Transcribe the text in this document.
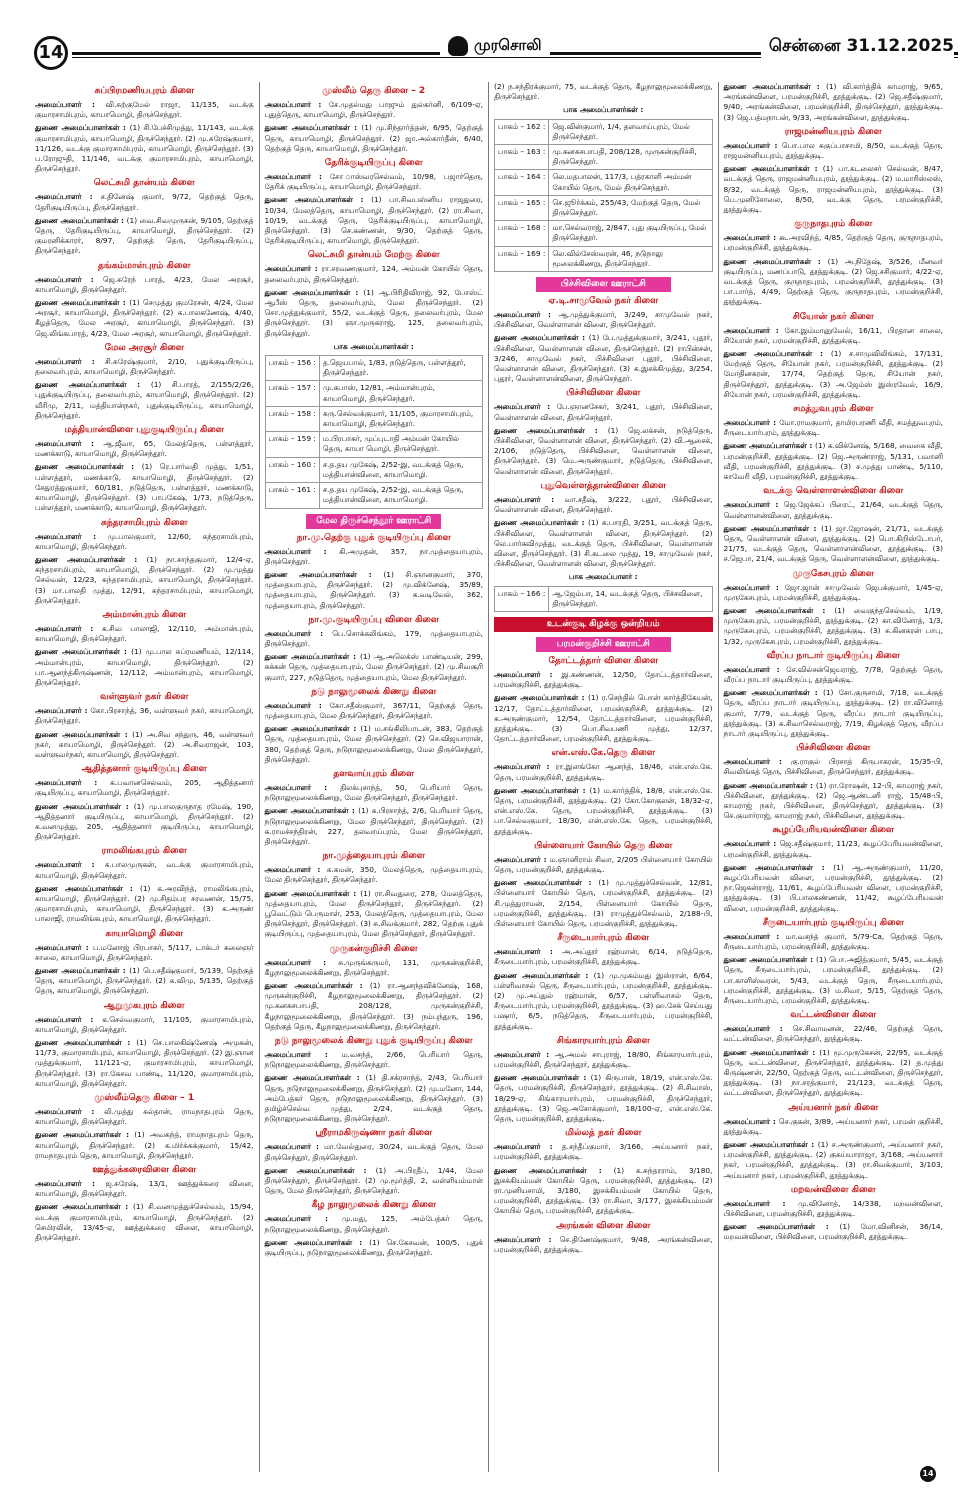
14	முரசொலி	சென்னை 31.12.2025
சுப்பிரமணியபுரம் கிளை

அமைப்பாளர் : வி.சுற்குமேல் ராஜா, 11/135, வடக்கு குமாரசாமிபுரம், காயாமொழி, திருச்செந்தூர்.

துணை அமைப்பாளர்கள் : (1) சி.பேச்சிமுத்து, 11/143, வடக்கு குமாரசாமிபுரம், காயாமொழி, திருச்செந்தூர். (2) மு.சுரேஷ்குமார், 11/126, வடக்கு குமாரசாமிபுரம், காயாமொழி, திருச்செந்தூர். (3) ப.ரோஜுதி, 11/146, வடக்கு குமாரசாமிபுரம், காயாமொழி, திருச்செந்தூர்.

லெட்சுமி தான்யம் கிளை

அமைப்பாளர் : ச.தினேஷ் குமார், 9/72, தெற்குத் தெரு, தேரிகுடியிருப்பு, திருச்செந்தூர்.

துணை அமைப்பாளர்கள் : (1) வை.சிவமுருகன், 9/105, தெற்குத் தெரு, தேரிகுடியிருப்பு, காயாமொழி, திருச்செந்தூர். (2) குமரனிக்காரர், 8/97, தெற்குத் தெரு, தேரிகுடியிருப்பு, திருச்செந்தூர்.

தங்கம்மாள்புரம் கிளை

அமைப்பாளர் : ஜெ.சுரேந் பாரத், 4/23, மேல அரசூர், காயாமொழி, திருச்செந்தூர்.

துணை அமைப்பாளர்கள் : (1) செமுத்து குமரேசன், 4/24, மேல அரசூர், காயாமொழி, திருச்செந்தூர். (2) க.பாலகணேஷ், 4/40, கீழத்தெரு, மேல அரசூர், காயாமொழி, திருச்செந்தூர். (3) ஜெ.லிங்கபாரத், 4/23, மேல அரசூர், காயாமொழி, திருச்செந்தூர்.

மேல அரசூர் கிளை

அமைப்பாளர் : சி.சுரேஷ்குமார், 2/10, புதுக்குடியிருப்பு, தலைவர்புரம், காயாமொழி, திருச்செந்தூர்.

துணை அமைப்பாளர்கள் : (1) சி.பாரத், 2/155/2/26, புதுக்குடியிருப்பு, தலைவர்புரம், காயாமொழி, திருச்செந்தூர். (2) வீரிமு, 2/11, மத்தியான்நகர், புதுக்குடியிருப்பு, காயாமொழி, திருச்செந்தூர்.

மத்தியான்விளை புதுகுடியிருப்பு கிளை

அமைப்பாளர் : ஆ.ஜீவா, 65, மேலத்தெரு, பள்ளத்தூர், மணக்காடு, காயாமொழி, திருச்செந்தூர்.

துணை அமைப்பாளர்கள் : (1) ரெ.பார்வதி முத்து, 1/51, பள்ளத்தூர், மணக்காடு, காயாமொழி, திருச்செந்தூர். (2) சேதுரத்துகுமார், 60/181, நடுத்தெரு, பள்ளத்தூர், மணக்காடு, காயாமொழி, திருச்செந்தூர். (3) பாபகேஷ், 1/73, நடுத்தெரு, பள்ளத்தூர், மணக்காடு, காயாமொழி, திருச்செந்தூர்.

சுந்தரசாமிபுரம் கிளை

அமைப்பாளர் : மு.பாலகுமார், 12/60, சுந்தரசாமிபுரம், காயாமொழி, திருச்செந்தூர்.

துணை அமைப்பாளர்கள் : (1) நா.சாந்தகுமார், 12/4-ஏ, சுந்தரசாமிபுரம், காயாமொழி, திருச்செந்தூர். (2) மு.முத்து செல்வன், 12/23, சுந்தரசாமிபுரம், காயாமொழி, திருச்செந்தூர். (3) மா.பாலதி முத்து, 12/91, சுந்தரசாமிபுரம், காயாமொழி, திருச்செந்தூர்.

அம்மான்புரம் கிளை

அமைப்பாளர் : க.சிவ பாலாஜி, 12/110, அம்மான்புரம், காயாமொழி, திருச்செந்தூர்.

துணை அமைப்பாளர்கள் : (1) மு.பால சுப்ரமணியம், 12/114, அம்மான்புரம், காயாமொழி, திருச்செந்தூர். (2) பா.ஆனந்த்கிருஷ்ணன், 12/112, அம்மான்புரம், காயாமொழி, திருச்செந்தூர்.

வள்ளுவர் நகர் கிளை

அமைப்பாளர் : கோ.பிரசாந்த், 36, வள்ளுவர் நகர், காயாமொழி, திருச்செந்தூர்.

துணை அமைப்பாளர்கள் : (1) அ.சிவ சந்துரு, 46, வள்ளுவர் நகர், காயாமொழி, திருச்செந்தூர். (2) அ.சிவராஜன், 103, வள்ளுவர்நகர், காயாமொழி, திருச்செந்தூர்.

ஆதித்தனார் குடியிருப்பு கிளை

அமைப்பாளர் : க.பவானசெல்வம், 205, ஆதித்தனார் குடியிருப்பு, காயாமொழி, திருச்செந்தூர்.

துணை அமைப்பாளர்கள் : (1) மு.பாலகுருநாத ரமேஷ், 190, ஆதித்தனார் குடியிருப்பு, காயாமொழி, திருச்செந்தூர். (2) க.வனமுத்து, 205, ஆதித்தனார் குடியிருப்பு, காயாமொழி, திருச்செந்தூர்.

ராமலிங்கபுரம் கிளை

அமைப்பாளர் : க.பாலமுருகன், வடக்கு குமாரசாமிபுரம், காயாமொழி, திருச்செந்தூர்.

துணை அமைப்பாளர்கள் : (1) க.அரவிந்த், ராமலிங்கபுரம், காயாமொழி, திருச்செந்தூர். (2) மு.சிதம்பர சரவணன், 15/75, குமாரசாமிபுரம், காயாமொழி, திருச்செந்தூர். (3) க.அருண் பாலாஜி, ராமலிங்கபுரம், காயாமொழி, திருச்செந்தூர்.

காயாமொழி கிளை

அமைப்பாளர் : ப.மனோஜ் பிரபாகர், 5/117, டாக்டர் கலைஞர் சாலை, காயாமொழி, திருச்செந்தூர்.

துணை அமைப்பாளர்கள் : (1) பெ.சதீஷ்குமார், 5/139, தெற்குத் தெரு, காயாமொழி, திருச்செந்தூர். (2) க.விமு, 5/135, தெற்குத் தெரு, காயாமொழி, திருச்செந்தூர்.

ஆறுமுகபுரம் கிளை

அமைப்பாளர் : க.செல்வகுமார், 11/105, குமாரசாமிபுரம், காயாமொழி, திருச்செந்தூர்.

துணை அமைப்பாளர்கள் : (1) செ.பாலகிஷ்ணேஷ் அமுகன், 11/73, குமாரசாமிபுரம், காயாமொழி, திருச்செந்தூர். (2) இ.ஞான முத்துக்குமார், 11/121-ஏ, குமாரசாமிபுரம், காயாமொழி, திருச்செந்தூர். (3) ரா.கேசவ பாண்டி, 11/120, குமாரசாமிபுரம், காயாமொழி, திருச்செந்தூர்.

முஸ்லீம்தெரு கிளை – 1

அமைப்பாளர் : லி.முத்து சுல்தான், ராமநாதபுரம் தெரு, காயாமொழி, திருச்செந்தூர்.

துணை அமைப்பாளர்கள் : (1) அவகந்த், ராமநாதபுரம் தெரு, காயாமொழி, திருச்செந்தூர். (2) க.மிர்க்கக்குமார், 15/42, ராமநாதபுரம் தெரு, காயாமொழி, திருச்செந்தூர்.

ஊத்துக்கரைவிளை கிளை

அமைப்பாளர் : ஜ.சுரேஷ், 13/1, ஊத்துக்கரை விளை, காயாமொழி, திருச்செந்தூர்.

துணை அமைப்பாளர்கள் : (1) சி.வனமுத்துச்செல்வம், 15/94, வடக்கு குமாரசாமிபுரம், காயாமொழி, திருச்செந்தூர். (2) செமிரலின், 13/45-ஏ, ஊத்துக்கரை விளை, காயாமொழி, திருச்செந்தூர்.

முஸ்லீம் தெரு கிளை – 2

அமைப்பாளர் : சே.முதல்மது பாஜும் துல்கர்னி, 6/109-ஏ, புதுத்தெரு, காயாமொழி, திருச்செந்தூர்.

துணை அமைப்பாளர்கள் : (1) மு.சிந்தார்த்தன், 6/95, தெற்குத் தெரு, காயாமொழி, திருச்செந்தூர். (2) ஜா.அல்கார்தீன், 6/40, தெற்குத் தெரு, காயாமொழி, திருச்செந்தூர்.

தேரிக்குடியிருப்பு கிளை

அமைப்பாளர் : சோ.ாஸ்வரசெல்வம், 10/98, பஜார்தெரு, தேரிக் குடியிருப்பு, காயாமொழி, திருச்செந்தூர்.

துணை அமைப்பாளர்கள் : (1) பா.சிவபஸ்னிய ராஜதுரை, 10/34, மேலத்தெரு, காயாமொழி, திருச்செந்தூர். (2) ரா.சிவா, 10/19, வடக்குத் தெரு, தேரிக்குடியிருப்பு, காயாமொழி, திருச்செந்தூர். (3) செ.கண்ணன், 9/30, தெற்குத் தெரு, தேரிக்குடியிருப்பு, காயாமொழி, திருச்செந்தூர்.

லெட்சுமி தான்யம் மேற்கு கிளை

அமைப்பாளர் : ரா.சரவணகுமார், 124, அம்மன் கோயில் தெரு, தலைவர்புரம், திருச்செந்தூர்.

துணை அமைப்பாளர்கள் : (1) ஆ.பிரிதிவிராஜ், 92, போஸ்ட் ஆபீஸ் தெரு, தலைவர்புரம், மேல திருச்செந்தூர். (2) சொ.முத்துக்குமார், 55/2, வடக்குத் தெரு, தலைவர்புரம், மேல திருச்செந்தூர். (3) ஞா.முருகராஜ், 125, தலைவர்புரம், திருச்செந்தூர்.

பாக அமைப்பாளர்கள் :
பாகம் – 156 :	த.ஜெயபால், 1/83, நடுத்தெரு, பள்ளத்தூர், திருச்செந்தூர்.
பாகம் – 157 :	மு.கபாஸ், 12/81, அம்மான்புரம், காயாமொழி, திருச்செந்தூர்.
பாகம் – 158 :	கரு.செல்வக்குமார், 11/105, குமாரசாமிபுரம், காயாமொழி, திருச்செந்தூர்.
பாகம் – 159 :	ம.பிரபாகர், முப்புடாதி அம்மன் கோயில் தெரு, காயா மொழி, திருச்செந்தூர்.
பாகம் – 160 :	ச.த.தய முகேஷ், 2/52-இ, வடக்குத் தெரு, மத்தியான்விளை, காயாமொழி.
பாகம் – 161 :	ச.த.தய முகேஷ், 2/52-இ, வடக்குத் தெரு, மத்தியான்விளை, காயாமொழி.
மேல திருச்செந்தூர் ஊராட்சி
நா.மு.தெற்கு புதுக் குடியிருப்பு கிளை

அமைப்பாளர் : கி.அமுதன், 357, நா.முத்தையாபுரம், திருச்செந்தூர்.

துணை அமைப்பாளர்கள் : (1) சி.ஞானகுமார், 370, முத்தையாபுரம், திருச்செந்தூர். (2) மு.விக்னேஷ், 35/89, முத்தையாபுரம், திருச்செந்தூர். (3) க.வடிவேல், 362, முத்தையாபுரம், திருச்செந்தூர்.

நா.மு.குடியிருப்பு விளை கிளை

அமைப்பாளர் : பெ.சொக்கலிங்கம், 179, முத்தையாபுரம், திருச்செந்தூர்.

துணை அமைப்பாளர்கள் : (1) ஆ.அலெக்ஸ் பாண்டியன், 299, சுக்கன் தெரு, முத்தையாபுரம், மேல திருச்செந்தூர். (2) மு.சிவசூரி குமார், 227, நடுத்தெரு, முத்தையாபுரம், மேல திருச்செந்தூர்.

நடு நாலுமூலைக் கிணறு கிளை

அமைப்பாளர் : கோ.சதீஸ்குமார், 367/11, தெற்குத் தெரு, முத்தையாபுரம், மேல திருச்செந்தூர், திருச்செந்தூர்.

துணை அமைப்பாளர்கள் : (1) ம.சங்கிலிபாடன், 383, தெற்குத் தெரு, முத்தையாபுரம், மேல திருச்செந்தூர். (2) செ.விஜயாரான், 380, தெற்குத் தெரு, நடுநாலுமூலைக்கிணறு, மேல திருச்செந்தூர், திருச்செந்தூர்.

தளவாய்புரம் கிளை

அமைப்பாளர் : திலக்புசாந்த், 50, பெரியார் தெரு, நடுநாலுமூலைக்கிணறு, மேல திருச்செந்தூர், திருச்செந்தூர்.

துணை அமைப்பாளர்கள் : (1) க.பிரசாந்த், 2/6, பெரியார் தெரு, நடுநாலுமூலைக்கிணறு, மேல திருச்செந்தூர், திருச்செந்தூர். (2) க.ராமச்சந்திரன், 227, தலவாய்புரம், மேல திருச்செந்தூர், திருச்செந்தூர்.

நா.முத்தையாபுரம் கிளை

அமைப்பாளர் : க.கமன், 350, மேலத்தெரு, முத்தையாபுரம், மேல திருச்செந்தூர், திருச்செந்தூர்.

துணை அமைப்பாளர்கள் : (1) ரா.சிவதுரை, 278, மேலத்தெரு, முத்தையாபுரம், மேல திருச்செந்தூர், திருச்செந்தூர். (2) பூவெட்டும் பெருமாள், 253, மேலத்தெரு, முத்தையாபுரம், மேல திருச்செந்தூர், திருச்செந்தூர். (3) சு.சிவக்குமார், 282, தெற்கு புதுக் குடியிருப்பு, முத்தையாபுரம், மேல திருச்செந்தூர், திருச்செந்தூர்.

முருகன்குறிச்சி கிளை

அமைப்பாளர் : சு.முருங்கருமர், 131, முருகன்குறிச்சி, கீழநாலுமூலைக்கிணறு, திருச்செந்தூர்.

துணை அமைப்பாளர்கள் : (1) ரா.ஆனந்தவிக்னேஷ், 168, முருகன்குறிச்சி, கீழநாலுமூலைக்கிணறு, திருச்செந்தூர். (2) மு.கனகசபாபதி, 208/128, முருகன்குறிச்சி, கீழநாலுமூலைக்கிணறு, திருச்செந்தூர். (3) நம்புந்துரு, 196, தெற்குத் தெரு, கீழநாலுமூலைக்கிணறு, திருச்செந்தூர்.

நடு நாலுமூலைக் கிணறு புதுக் குடியிருப்பு கிளை

அமைப்பாளர் : ம.வசந்த், 2/66, பெரியார் தெரு, நடுநாலுமூலைக்கிணறு, திருச்செந்தூர்.

துணை அமைப்பாளர்கள் : (1) தி.சக்ரசாந்த், 2/43, பெரியார் தெரு, நடுநாலுமூலைக்கிணறு, திருச்செந்தூர். (2) மு.மனோ, 144, அம்பேத்கர் தெரு, நடுநாலுமூலைக்கிணறு, திருச்செந்தூர். (3) தமிழ்ச்செல்வ முத்து, 2/24, வடக்குத் தெரு, நடுநாலுமூலைக்கிணறு, திருச்செந்தூர்.

ஸ்ரீராமகிருஷ்ணா நகர் கிளை

அமைப்பாளர் : மா.வேல்துரை, 30/24, வடக்குத் தெரு, மேல திருச்செந்தூர், திருச்செந்தூர்.

துணை அமைப்பாளர்கள் : (1) அ.பிரதீப், 1/44, மேல திருச்செந்தூர், திருச்செந்தூர். (2) மு.மூர்த்தி, 2, வள்ளியம்மாள் தெரு, மேல திருச்செந்தூர், திருச்செந்தூர்.

கீழ நாலுமூலைக் கிணறு கிளை

அமைப்பாளர் : மு.மது, 125, அம்பேத்கர் தெரு, நடுநாலுமூலைக்கிணறு, திருச்செந்தூர்.

துணை அமைப்பாளர்கள் : (1) செ.கேசவன், 100/5, புதுக் குடியிருப்பு, நடுநாலுமூலைக்கிணறு, திருச்செந்தூர்.

(2) ந.சந்திரக்குமார், 75, வடக்குத் தெரு, கீழநாலுமூலைக்கிணறு, திருச்செந்தூர்.

பாக அமைப்பாளர்கள் :
பாகம் – 162 :	ஜெ.வின்குமார், 1/4, தளவாய்புரம், மேல் திருச்செந்தூர்.
பாகம் – 163 :	மு.கனகசபாபதி, 208/128, முருகன்குறிச்சி, திருச்செந்தூர்.
பாகம் – 164 :	லெ.மதபாலன், 117/3, பத்ரகாளி அம்மன் கோயில் தெரு, மேல் திருச்செந்தூர்.
பாகம் – 165 :	செ.ஜூர்க்கம், 255/43, மேற்குத் தெரு, மேல் திருச்செந்தூர்.
பாகம் – 168 :	மா.செல்வராஜ், 2/847, புது குடியிருப்பு, மேல் திருச்செந்தூர்.
பாகம் – 169 :	லெ.வில்சேஸ்வரன், 46, நடுநாலு மூலைக்கிணறு, திருச்செந்தூர்.
பிச்சிவிளை ஊராட்சி
ஏ.டி.சாமுவேல் நகர் கிளை

அமைப்பாளர் : ஆ.முத்துக்குமார், 3/249, சாமுவேல் நகர், பிச்சிவிளை, வெள்ளாளன் விளை, திருச்செந்தூர்.

துணை அமைப்பாளர்கள் : (1) பே.முத்துக்குமார், 3/241, புதூர், பிச்சிவிளை, வெள்ளாளன் விளை, திருச்செந்தூர். (2) ராபின்சன், 3/246, சாமுவேல் நகர், பிச்சிவிளை புதூர், பிச்சிவிளை, வெள்ளாளன் விளை, திருச்செந்தூர். (3) சு.இசக்கிமுத்து, 3/254, புதூர், வெள்ளாளன்விளை, திருச்செந்தூர்.

பிச்சிவிளை கிளை

அமைப்பாளர் : பே.ஞானசேகர், 3/241, புதூர், பிச்சிவிளை, வெள்ளாளன் விளை, திருச்செந்தூர்.

துணை அமைப்பாளர்கள் : (1) ஜெ.லக்சன், நடுத்தெரு, பிச்சிவிளை, வெள்ளாளன் விளை, திருச்செந்தூர். (2) வி.ஆசைக், 2/106, நடுத்தெரு, பிச்சிவிளை, வெள்ளாளன் விளை, திருச்செந்தூர். (3) மெ.அருண்குமார், நடுத்தெரு, பிச்சிவிளை, வெள்ளாளன் விளை, திருச்செந்தூர்.

புதுவெள்ளத்தான்விளை கிளை

அமைப்பாளர் : வா.சதீஷ், 3/222, புதூர், பிச்சிவிளை, வெள்ளாளன் விளை, திருச்செந்தூர்.

துணை அமைப்பாளர்கள் : (1) க.பாரதி, 3/251, வடக்குத் தெரு, பிச்சிவிளை, வெள்ளாளன் விளை, திருச்செந்தூர். (2) லெ.பார்கவிமுத்து, வடக்குத் தெரு, பிச்சிவிளை, வெள்ளாளன் விளை, திருச்செந்தூர். (3) சி.கடலை முத்து, 19, சாமுவேல் நகர், பிச்சிவிளை, வெள்ளாளன் விளை, திருச்செந்தூர்.

பாக அமைப்பாளர் :
பாகம் – 166 :	ஆ.ஜேம்பா, 14, வடக்குத் தெரு, பிச்சவிளை, திருச்செந்தூர்.
உடன்குடி கிழக்கு ஒன்றியம்
பரமன்குறிச்சி ஊராட்சி
தோட்டத்தார் விளை கிளை

அமைப்பாளர் : இ.கண்ணன், 12/50, தோட்டத்தார்விளை, பரமன்குறிச்சி, தூத்துக்குடி.

துணை அமைப்பாளர்கள் : (1) ர.செந்தில் பொன் கார்த்திகேயன், 12/17, தோட்டத்தார்விளை, பரமன்குறிச்சி, தூத்துக்குடி. (2) க.அருண்குமார், 12/54, தோட்டத்தார்விளை, பரமன்குறிச்சி, தூத்துக்குடி. (3) பொ.சிவபணி முத்து, 12/37, தோட்டத்தார்விளை, பரமன்குறிச்சி, தூத்துக்குடி.

என்.எஸ்.கே.தெரு கிளை

அமைப்பாளர் : ரா.இளங்கோ ஆனந்த், 18/46, என்.எஸ்.கே. தெரு, பரமன்குறிச்சி, தூத்துக்குடி.

துணை அமைப்பாளர்கள் : (1) ம.கார்த்திக், 18/8, என்.எஸ்.கே. தெரு, பரமன்குறிச்சி, தூத்துக்குடி. (2) கோ.கோகுலன், 18/32-ஏ, என்.எஸ்.கே. தெரு, பரமன்குறிச்சி, தூத்துக்குடி. (3) பா.செல்வகுமார், 18/30, என்.எஸ்.கே. தெரு, பரமன்குறிச்சி, தூத்துக்குடி.

பிள்ளையார் கோயில் தெரு கிளை

அமைப்பாளர் : ம.ஞானிராம் சிவா, 2/205 பிள்ளையார் கோயில் தெரு, பரமன்குறிச்சி, தூத்துக்குடி.

துணை அமைப்பாளர்கள் : (1) மு.முத்துச்செல்வன், 12/81, பிள்ளையார் கோயில் தெரு, பரமன்குறிச்சி, தூத்துக்குடி. (2) சி.முத்துராமன், 2/154, பிள்ளையார் கோயில் தெரு, பரமன்குறிச்சி, தூத்துக்குடி. (3) ராமுத்துச்செல்வம், 2/188-பி, பிள்ளையார் கோயில் தெரு, பரமன்குறிச்சி, தூத்துக்குடி.

சீருடையார்புரம் கிளை

அமைப்பாளர் : அ.அப்தூர் ரஹ்மான், 6/14, நடுத்தெரு, சீருடையார்புரம், பரமன்குறிச்சி, தூத்துக்குடி.

துணை அமைப்பாளர்கள் : (1) மு.முகம்மது இஸ்ரான், 6/64, பள்ளிவாசல் தெரு, சீருடையார்புரம், பரமன்குறிச்சி, தூத்துக்குடி. (2) மு.அப்துல் ரஹ்மான், 6/57, பள்ளிவாசல் தெரு, சீருடையார்புரம், பரமன்குறிச்சி, தூத்துக்குடி. (3) ஹ.சேக் செய்யது பஷார், 6/5, நடுத்தெரு, சீருடையார்புரம், பரமன்குறிச்சி, தூத்துக்குடி.

சிங்காரயார்புரம் கிளை

அமைப்பாளர் : ஆ.அமல் சாபுராஜ், 18/80, சிங்காரயார்புரம், பரமன்குறிச்சி, திருச்செந்தூர், தூத்துக்குடி.

துணை அமைப்பாளர்கள் : (1) கிருபான், 18/19, என்.எஸ்.கே. தெரு, பரமன்குறிச்சி, திருச்செந்தூர், தூத்துக்குடி. (2) சி.சிவாஸ், 18/29-ஏ, சிங்காரயார்புரம், பரமன்குறிச்சி, திருச்செந்தூர், தூத்துக்குடி. (3) ஜெ.அசோக்குமார், 18/100-ஏ, என்.எஸ்.கே. தெரு, பரமன்குறிச்சி, தூத்துக்குடி.

மில்லத் நகர் கிளை

அமைப்பாளர் : த.சந்தீப்குமார், 3/166, அய்யனார் நகர், பரமன்குறிச்சி, தூத்துக்குடி.

துணை அமைப்பாளர்கள் : (1) க.சுந்தரராம், 3/180, இசக்கியம்மன் கோயில் தெரு, பரமன்குறிச்சி, தூத்துக்குடி. (2) ரா.முனியசாமி, 3/180, இசக்கியம்மன் கோயில் தெரு, பரமன்குறிச்சி, தூத்துக்குடி. (3) ரா.சிவா, 3/177, இசக்கியம்மன் கோயில் தெரு, பரமன்குறிச்சி, தூத்துக்குடி.

அரங்கன் விளை கிளை

அமைப்பாளர் : செ.திணேஷ்குமார், 9/48, அரங்கன்விளை, பரமன்குறிச்சி, தூத்துக்குடி.

துணை அமைப்பாளர்கள் : (1) வி.கார்த்திக் காமராஜ், 9/65, அரங்கன்விளை, பரமன்குறிச்சி, தூத்துக்குடி. (2) ஜெ.சதீஷ்குமார், 9/40, அரங்கன்விளை, பரமன்குறிச்சி, திருச்செந்தூர், தூத்துக்குடி. (3) ஜெ.பத்மநாபன், 9/33, அரங்கன்விளை, தூத்துக்குடி.

ராஜமன்னியபுரம் கிளை

அமைப்பாளர் : பொ.பால சுகுப்பாசாமி, 8/50, வடக்குத் தெரு, ராஜமன்னியபுரம், தூத்துக்குடி.

துணை அமைப்பாளர்கள் : (1) பா.சுடலைசர் செல்வன், 8/47, வடக்குத் தெரு, ராஜமன்னியபுரம், தூத்துக்குடி. (2) ம.மாரிஸ்லஸ், 8/32, வடக்குத் தெரு, ராஜமன்னியபுரம், தூத்துக்குடி. (3) பெ.முனிசோலை, 8/50, வடக்கு தெரு, பரமன்குறிச்சி, தூத்துக்குடி.

குருநாதபுரம் கிளை

அமைப்பாளர் : கூ.அரவிந்த், 4/85, தெற்குத் தெரு, குருநாதபுரம், பரமன்குறிச்சி, தூத்துக்குடி.

துணை அமைப்பாளர்கள் : (1) அ.நிதேஷ், 3/526, மீனவர் குடியிருப்பு, மணப்பாடு, தூத்துக்குடி. (2) ஜெ.சசிகுமார், 4/22-ஏ, வடக்குத் தெரு, குருநாதபுரம், பரமன்குறிச்சி, தூத்துக்குடி. (3) பா.பார்த், 4/49, தெற்குத் தெரு, குருநாதபுரம், பரமன்குறிச்சி, தூத்துக்குடி.

சியோன் நகர் கிளை

அமைப்பாளர் : கோ.இம்மானுவேல், 16/11, பிரதான சாலை, சியோன் நகர், பரமன்குறிச்சி, தூத்துக்குடி.

துணை அமைப்பாளர்கள் : (1) ச.சாமுவிலிங்கம், 17/131, மேற்குத் தெரு, சியோன் நகர், பரமன்குறிச்சி, தூத்துக்குடி. (2) மோதினகரன், 17/74, தெற்குத் தெரு, சியோன் நகர், திருச்செந்தூர், தூத்துக்குடி. (3) அ.ஜேம்ஸ் இஸ்ரவேல், 16/9, சியோன் நகர், பரமன்குறிச்சி, தூத்துக்குடி.

சமத்துவபுரம் கிளை

அமைப்பாளர் : மோ.ராமகுமார், தாமிரபரணி வீதி, சமத்துவபுரம், சீருடையார்புரம், தூத்துக்குடி.

துணை அமைப்பாளர்கள் : (1) க.விக்னேஷ், 5/168, வைகை வீதி, பரமன்குறிச்சி, தூத்துக்குடி. (2) ஜெ.அருண்ராஜ், 5/131, பவானி வீதி, பரமன்குறிச்சி, தூத்துக்குடி. (3) ச.முத்து பாண்டி, 5/110, காவேரி வீதி, பரமன்குறிச்சி, தூத்துக்குடி.

வடக்கு வெள்ளாளன்விளை கிளை

அமைப்பாளர் : ஜெ.ஜேக்கப் பிரைட், 21/64, வடக்குத் தெரு, வெள்ளாளன்விளை, தூத்துக்குடி.

துணை அமைப்பாளர்கள் : (1) ஜா.ஜோஷன், 21/71, வடக்குத் தெரு, வெள்ளாளன் விளை, தூத்துக்குடி. (2) பொ.கிறிஸ்டோபர், 21/75, வடக்குத் தெரு, வெள்ளாளன்விளை, தூத்துக்குடி. (3) ச.ஜெபா, 21/4, வடக்குத் தெரு, வெள்ளாளன்விளை, தூத்துக்குடி.

முருகேசபுரம் கிளை

அமைப்பாளர் : ஜோ.ஜான் சாமுவேல் ஜெபக்குமார், 1/45-ஏ, முருகேசபுரம், பரமன்குறிச்சி, தூத்துக்குடி.

துணை அமைப்பாளர்கள் : (1) வைகுந்தசெல்வம், 1/19, முருகேசபுரம், பரமன்குறிச்சி, தூத்துக்குடி. (2) கா.வினோத், 1/3, முருகேசபுரம், பரமன்குறிச்சி, தூத்துக்குடி. (3) சு.கினகரன் பாபு, 1/32, முருகேசபுரம், பரமன்குறிச்சி, தூத்துக்குடி.

வீரப்ப நாடார் குடியிருப்பு கிளை

அமைப்பாளர் : சே.வில்சன்ஜெயராஜ், 7/78, தெற்குத் தெரு, வீரப்ப நாடார் குடியிருப்பு, தூத்துக்குடி.

துணை அமைப்பாளர்கள் : (1) சோ.குருசாமி, 7/18, வடக்குத் தெரு, வீரப்ப நாடார் குடியிருப்பு, தூத்துக்குடி. (2) ரா.வினோத் குமார், 7/79, வடக்குத் தெரு, வீரப்ப நாடார் குடியிருப்பு, தூத்துக்குடி. (3) சு.சிவாசெல்வராஜ், 7/19, கிழக்குத் தெரு, வீரப்ப நாடார் குடியிருப்பு, தூத்துக்குடி.

பிச்சிவிளை கிளை

அமைப்பாளர் : கு.ராகுல் பிரசாத் கிருபாகரன், 15/35-பி, சிவலிங்கத் தெரு, பிச்சிவிளை, திருச்செந்தூர், தூத்துக்குடி.

துணை அமைப்பாளர்கள் : (1) ரா.ரோஷன், 12-பி, காமராஜ் நகர், பிச்சிவிளை, தூத்துக்குடி. (2) ஜெ.ஆண்டனி ராஜ், 15/48-பி, காமராஜ் நகர், பிச்சிவிளை, திருச்செந்தூர், தூத்துக்குடி. (3) செ.குமார்ராஜ், காமராஜ் நகர், பிச்சிவிளை, தூத்துக்குடி.

கூழப்பேரியவன்விளை கிளை

அமைப்பாளர் : ஜெ.சதீஷ்குமார், 11/23, கூழப்பேரியவன்விளை, பரமன்குறிச்சி, தூத்துக்குடி.

துணை அமைப்பாளர்கள் : (1) ஆ.அருண்குமார், 11/20, கூழப்பேரியவன் விளை, பரமன்குறிச்சி, தூத்துக்குடி. (2) நா.ஜெகன்ராஜ், 11/61, கூழப்பேரியவன் விளை, பரமன்குறிச்சி, தூத்துக்குடி. (3) பி.பாலகண்ணன், 11/42, கூழப்பேரியவன் விளை, பரமன்குறிச்சி, தூத்துக்குடி.

சீருடையார்புரம் குடியிருப்பு கிளை

அமைப்பாளர் : மா.வசந்த் குமார், 5/79-Ca, தெற்குத் தெரு, சீருடையார்புரம், பரமன்குறிச்சி, தூத்துக்குடி.

துணை அமைப்பாளர்கள் : (1) பொ.அஜித்குமார், 5/45, வடக்குத் தெரு, சீருடையார்புரம், பரமன்குறிச்சி, தூத்துக்குடி. (2) பா.காளிஸ்வரன், 5/43, வடக்குத் தெரு, சீருடையார்புரம், பரமன்குறிச்சி, தூத்துக்குடி. (3) ம.சிவா, 5/15, தெற்குத் தெரு, சீருடையார்புரம், பரமன்குறிச்சி, தூத்துக்குடி.

வட்டன்விளை கிளை

அமைப்பாளர் : செ.சிவாமனன், 22/46, தெற்குத் தெரு, வட்டன்விளை, திருச்செந்தூர், தூத்துக்குடி.

துணை அமைப்பாளர்கள் : (1) மூ.முருகேசன், 22/95, வடக்குத் தெரு, வட்டன்விளை, திருச்செந்தூர், தூத்துக்குடி. (2) த.முத்து கிருஷ்ணன், 22/50, தெற்குத் தெரு, வட்டன்விளை, திருச்செந்தூர், தூத்துக்குடி. (3) நா.சரத்குமார், 21/123, வடக்குத் தெரு, வட்டன்விளை, திருச்செந்தூர், தூத்துக்குடி.

அய்யனார் நகர் கிளை

அமைப்பாளர் : செ.குகன், 3/89, அய்யனார் நகர், பரமன் குறிச்சி, தூத்துக்குடி.

துணை அமைப்பாளர்கள் : (1) ச.அருண்குமார், அய்யனார் நகர், பரமன்குறிச்சி, தூத்துக்குடி. (2) குகய்யாராஜா, 3/168, அய்யனார் நகர், பரமன்குறிச்சி, தூத்துக்குடி. (3) ரா.சிவக்குமார், 3/103, அய்யனார் நகர், பரமன்குறிச்சி, தூத்துக்குடி.

மறவன்விளை கிளை

அமைப்பாளர் : மு.வினோத், 14/338, மறவன்விளை, பிச்சிவிளை, பரமன்குறிச்சி, தூத்துக்குடி.

துணை அமைப்பாளர்கள் : (1) மோ.வினிசன், 36/14, மறவன்விளை, பிச்சிவிளை, பரமன்குறிச்சி, தூத்துக்குடி.

14
